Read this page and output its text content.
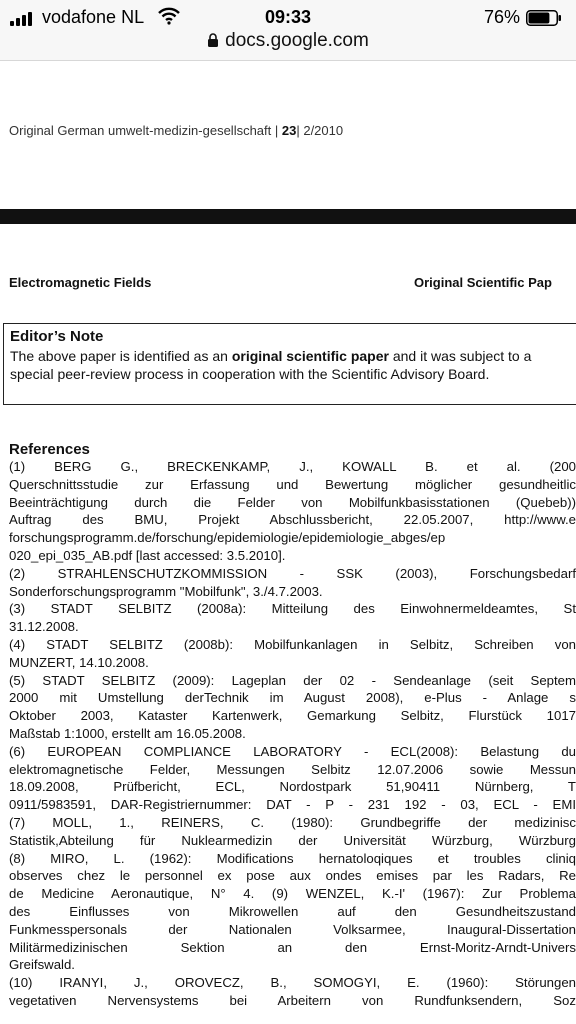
vodafone NL	09:33	76%
docs.google.com
Original German umwelt-medizin-gesellschaft | 23| 2/2010
Electromagnetic Fields	Original Scientific Pap
Editor’s Note
The above paper is identified as an original scientific paper and it was subject to a special peer-review process in cooperation with the Scientific Advisory Board.
References
(1) BERG G., BRECKENKAMP, J., KOWALL B. et al. (200
Querschnittsstudie zur Erfassung und Bewertung möglicher gesundheitlic
Beeinträchtigung durch die Felder von Mobilfunkbasisstationen (Quebeb))
Auftrag des BMU, Projekt Abschlussbericht, 22.05.2007, http://www.e
forschungsprogramm.de/forschung/epidemiologie/epidemiologie_abges/ep
020_epi_035_AB.pdf [last accessed: 3.5.2010].
(2) STRAHLENSCHUTZKOMMISSION - SSK (2003), Forschungsbedarf
Sonderforschungsprogramm "Mobilfunk", 3./4.7.2003.
(3) STADT SELBITZ (2008a): Mitteilung des Einwohnermeldeamtes, St
31.12.2008.
(4) STADT SELBITZ (2008b): Mobilfunkanlagen in Selbitz, Schreiben von
MUNZERT, 14.10.2008.
(5) STADT SELBITZ (2009): Lageplan der 02 - Sendeanlage (seit Septem
2000 mit Umstellung derTechnik im August 2008), e-Plus - Anlage s
Oktober 2003, Kataster Kartenwerk, Gemarkung Selbitz, Flurstück 1017
Maßstab 1:1000, erstellt am 16.05.2008.
(6) EUROPEAN COMPLIANCE LABORATORY - ECL(2008): Belastung du
elektromagnetische Felder, Messungen Selbitz 12.07.2006 sowie Messun
18.09.2008, Prüfbericht, ECL, Nordostpark 51,90411 Nürnberg, T
0911/5983591, DAR-Registriernummer: DAT - P - 231 192 - 03, ECL - EMI
(7) MOLL, 1., REINERS, C. (1980): Grundbegriffe der medizinisc
Statistik,Abteilung für Nuklearmedizin der Universität Würzburg, Würzburg
(8) MIRO, L. (1962): Modifications hernatoloqiques et troubles cliniq
observes chez le personnel ex pose aux ondes emises par les Radars, Re
de Medicine Aeronautique, N° 4. (9) WENZEL, K.-I' (1967): Zur Problema
des Einflusses von Mikrowellen auf den Gesundheitszustand
Funkmesspersonals der Nationalen Volksarmee, Inaugural-Dissertation
Militärmedizinischen Sektion an den Ernst-Moritz-Arndt-Univers
Greifswald.
(10) IRANYI, J., OROVECZ, B., SOMOGYI, E. (1960): Störungen
vegetativen Nervensystems bei Arbeitern von Rundfunksendern, Soz
